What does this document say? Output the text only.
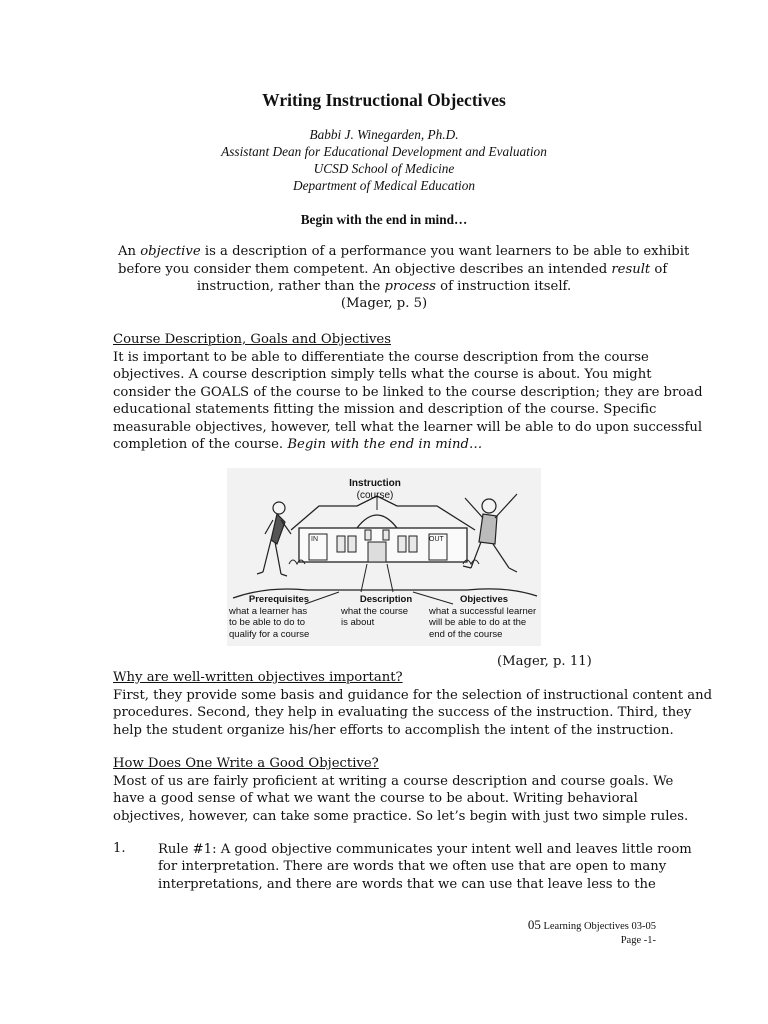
Writing Instructional Objectives
Babbi J. Winegarden, Ph.D.
Assistant Dean for Educational Development and Evaluation
UCSD School of Medicine
Department of Medical Education
Begin with the end in mind…
An objective is a description of a performance you want learners to be able to exhibit
before you consider them competent. An objective describes an intended result of
instruction, rather than the process of instruction itself.
(Mager, p. 5)
Course Description, Goals and Objectives
It is important to be able to differentiate the course description from the course
objectives. A course description simply tells what the course is about. You might
consider the GOALS of the course to be linked to the course description; they are broad
educational statements fitting the mission and description of the course. Specific
measurable objectives, however, tell what the learner will be able to do upon successful
completion of the course. Begin with the end in mind…
IN	OUT
Instruction
(course)
Prerequisites
what a learner has
to be able to do to
qualify for a course
Description
what the course
is about
Objectives
what a successful learner
will be able to do at the
end of the course
(Mager, p. 11)
Why are well-written objectives important?
First, they provide some basis and guidance for the selection of instructional content and
procedures. Second, they help in evaluating the success of the instruction. Third, they
help the student organize his/her efforts to accomplish the intent of the instruction.
How Does One Write a Good Objective?
Most of us are fairly proficient at writing a course description and course goals. We
have a good sense of what we want the course to be about. Writing behavioral
objectives, however, can take some practice. So let’s begin with just two simple rules.
1. Rule #1: A good objective communicates your intent well and leaves little room
for interpretation. There are words that we often use that are open to many
interpretations, and there are words that we can use that leave less to the
05 Learning Objectives 03-05
Page -1-
